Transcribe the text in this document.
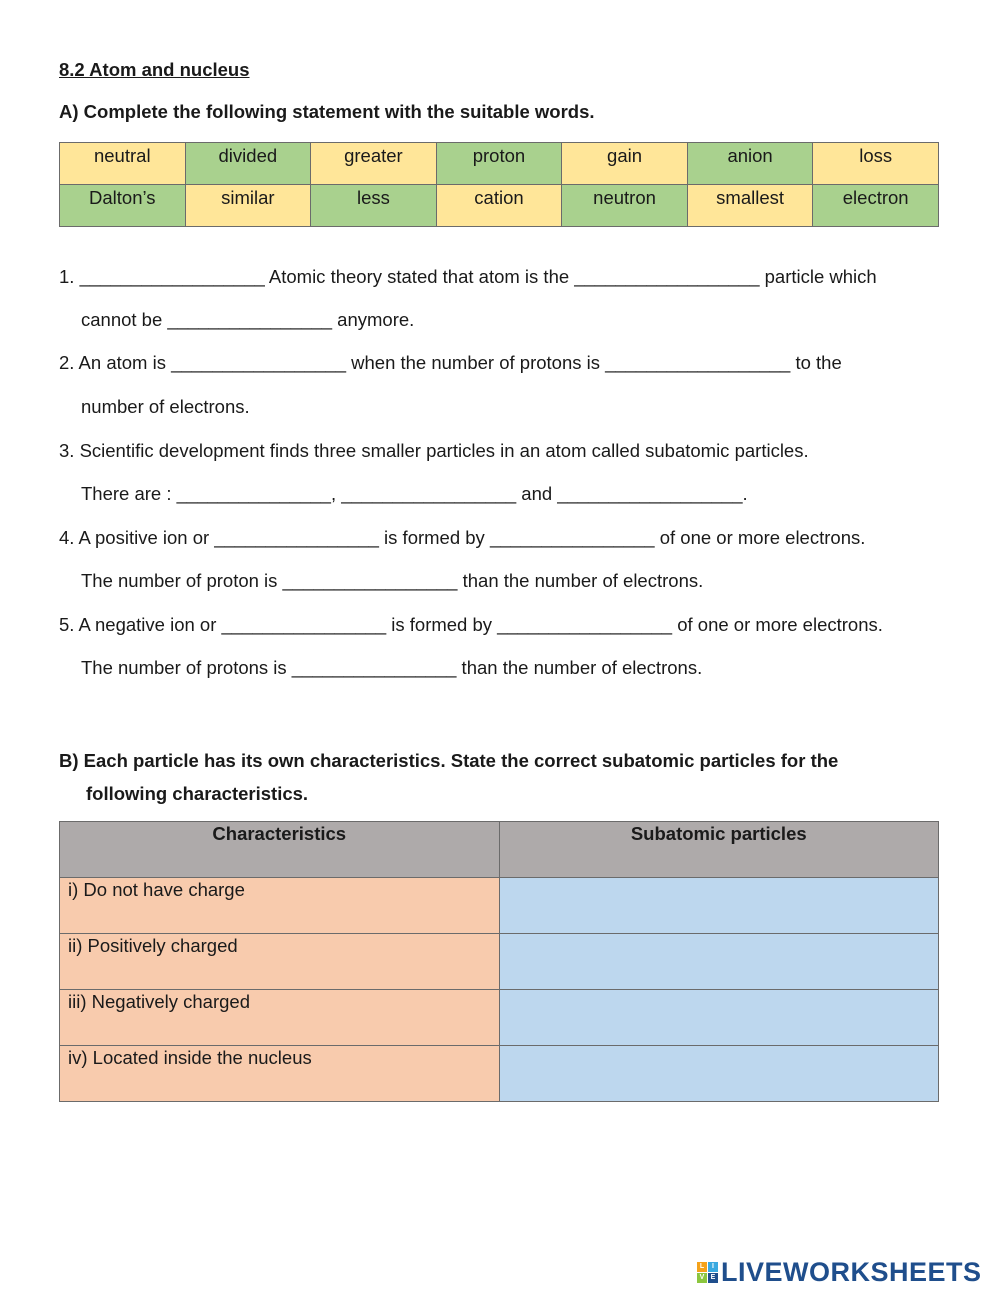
8.2 Atom and nucleus
A) Complete the following statement with the suitable words.
neutral	divided	greater	proton	gain	anion	loss
Dalton’s	similar	less	cation	neutron	smallest	electron
1. __________________ Atomic theory stated that atom is the __________________ particle which
cannot be ________________ anymore.
2. An atom is _________________ when the number of protons is __________________ to the
number of electrons.
3. Scientific development finds three smaller particles in an atom called subatomic particles.
There are : _______________, _________________ and __________________.
4. A positive ion or ________________ is formed by ________________ of one or more electrons.
The number of proton is _________________ than the number of electrons.
5. A negative ion or ________________ is formed by _________________ of one or more electrons.
The number of protons is ________________ than the number of electrons.
B) Each particle has its own characteristics. State the correct subatomic particles for the
following characteristics.
Characteristics	Subatomic particles
i) Do not have charge	
ii) Positively charged	
iii) Negatively charged	
iv) Located inside the nucleus	
L	I
V E LIVEWORKSHEETS
